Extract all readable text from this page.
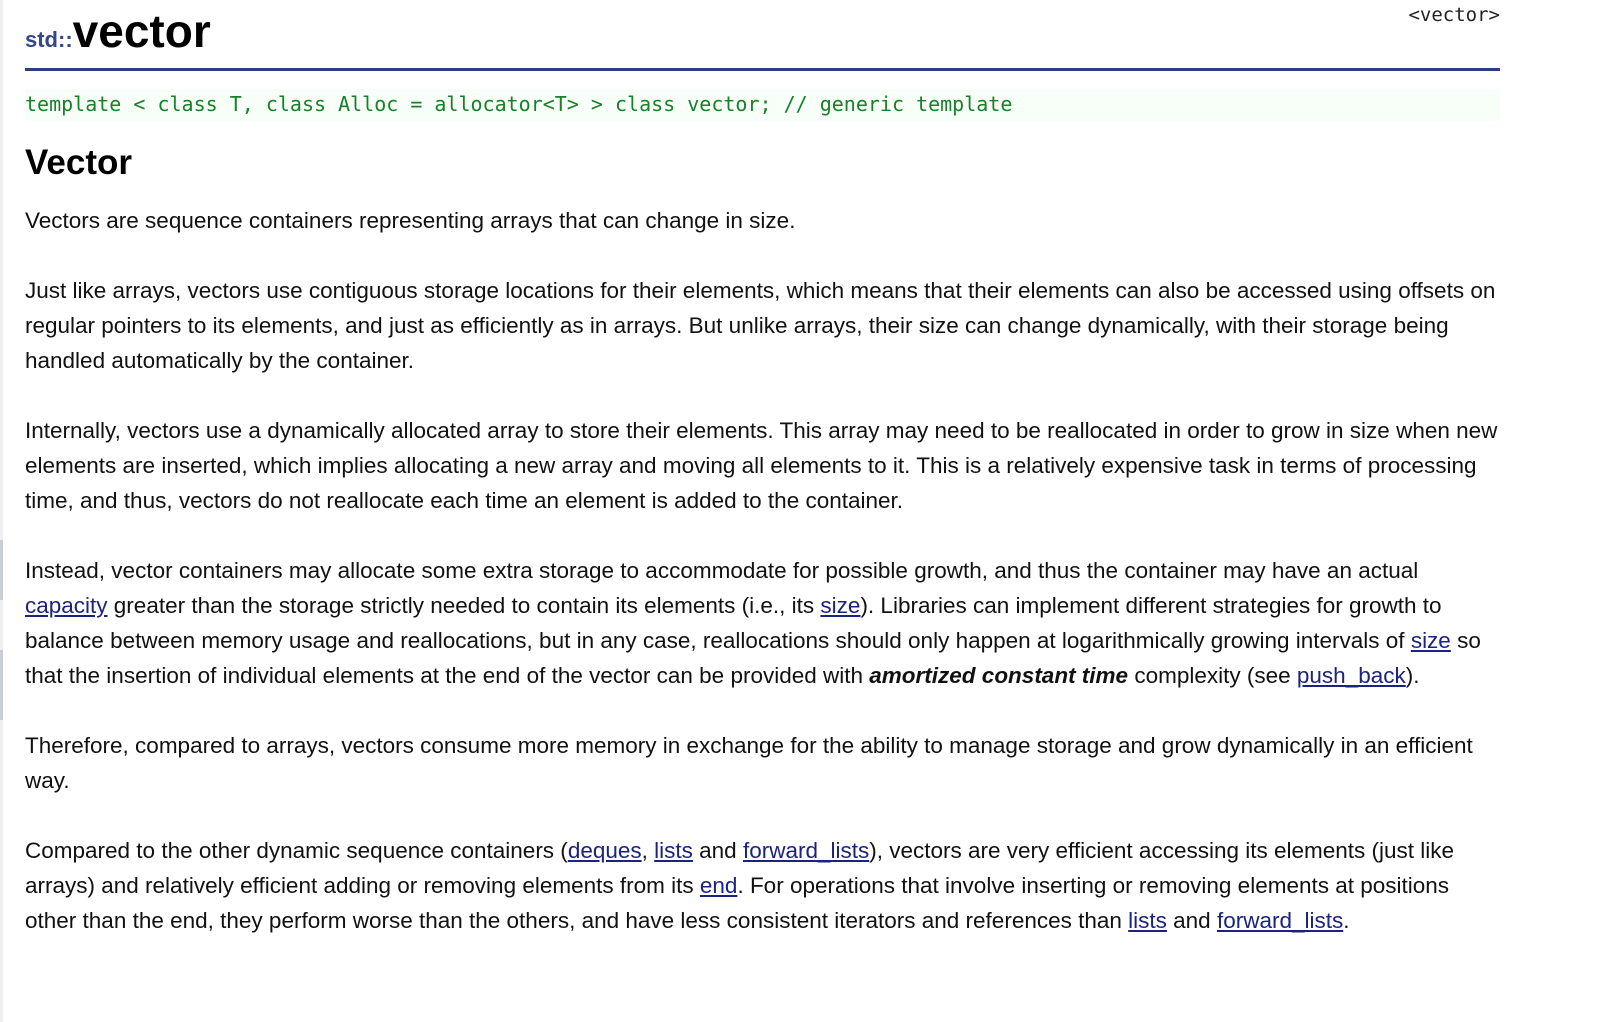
std::vector	<vector>
template < class T, class Alloc = allocator<T> > class vector; // generic template
Vector

Vectors are sequence containers representing arrays that can change in size.

Just like arrays, vectors use contiguous storage locations for their elements, which means that their elements can also be accessed using offsets on regular pointers to its elements, and just as efficiently as in arrays. But unlike arrays, their size can change dynamically, with their storage being handled automatically by the container.

Internally, vectors use a dynamically allocated array to store their elements. This array may need to be reallocated in order to grow in size when new elements are inserted, which implies allocating a new array and moving all elements to it. This is a relatively expensive task in terms of processing time, and thus, vectors do not reallocate each time an element is added to the container.

Instead, vector containers may allocate some extra storage to accommodate for possible growth, and thus the container may have an actual capacity greater than the storage strictly needed to contain its elements (i.e., its size). Libraries can implement different strategies for growth to balance between memory usage and reallocations, but in any case, reallocations should only happen at logarithmically growing intervals of size so that the insertion of individual elements at the end of the vector can be provided with amortized constant time complexity (see push_back).

Therefore, compared to arrays, vectors consume more memory in exchange for the ability to manage storage and grow dynamically in an efficient way.

Compared to the other dynamic sequence containers (deques, lists and forward_lists), vectors are very efficient accessing its elements (just like arrays) and relatively efficient adding or removing elements from its end. For operations that involve inserting or removing elements at positions other than the end, they perform worse than the others, and have less consistent iterators and references than lists and forward_lists.
